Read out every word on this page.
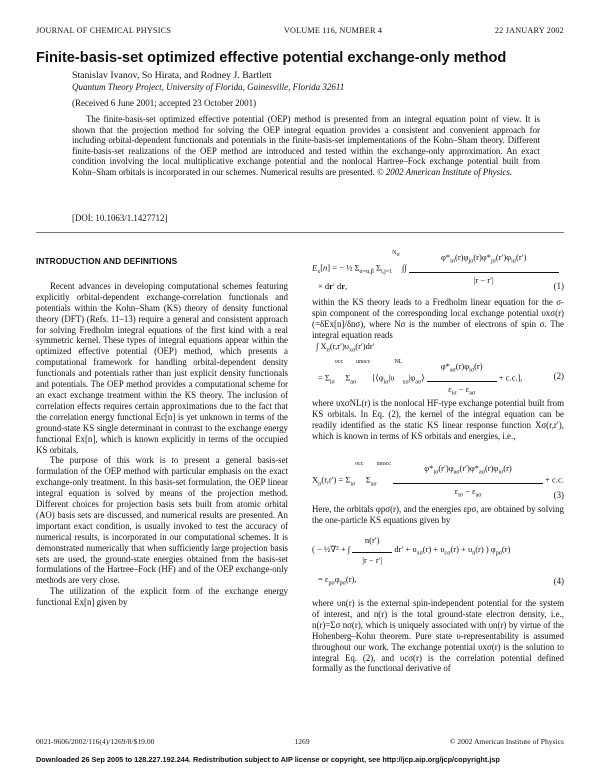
JOURNAL OF CHEMICAL PHYSICS	VOLUME 116, NUMBER 4	22 JANUARY 2002
Finite-basis-set optimized effective potential exchange-only method
Stanislav Ivanov, So Hirata, and Rodney J. Bartlett
Quantum Theory Project, University of Florida, Gainesville, Florida 32611
(Received 6 June 2001; accepted 23 October 2001)
The finite-basis-set optimized effective potential (OEP) method is presented from an integral equation point of view. It is shown that the projection method for solving the OEP integral equation provides a consistent and convenient approach for including orbital-dependent functionals and potentials in the finite-basis-set implementations of the Kohn–Sham theory. Different finite-basis-set realizations of the OEP method are introduced and tested within the exchange-only approximation. An exact condition involving the local multiplicative exchange potential and the nonlocal Hartree–Fock exchange potential built from Kohn–Sham orbitals is incorporated in our schemes. Numerical results are presented. © 2002 American Institute of Physics.
[DOI: 10.1063/1.1427712]
INTRODUCTION AND DEFINITIONS

Recent advances in developing computational schemes featuring explicitly orbital-dependent exchange-correlation functionals and potentials within the Kohn–Sham (KS) theory of density functional theory (DFT) (Refs. 11–13) require a general and consistent approach for solving Fredholm integral equations of the first kind with a real symmetric kernel. These types of integral equations appear within the optimized effective potential (OEP) method, which presents a computational framework for handling orbital-dependent density functionals and potentials rather than just explicit density functionals and potentials. The OEP method provides a computational scheme for an exact exchange treatment within the KS theory. The inclusion of correlation effects requires certain approximations due to the fact that the correlation energy functional Ec[n] is yet unknown in terms of the ground-state KS single determinant in contrast to the exchange energy functional Ex[n], which is known explicitly in terms of the occupied KS orbitals.

The purpose of this work is to present a general basis-set formulation of the OEP method with particular emphasis on the exact exchange-only treatment. In this basis-set formulation, the OEP linear integral equation is solved by means of the projection method. Different choices for projection basis sets built from atomic orbital (AO) basis sets are discussed, and numerical results are presented. An important exact condition, is usually invoked to test the accuracy of numerical results, is incorporated in our computational schemes. It is demonstrated numerically that when sufficiently large projection basis sets are used, the ground-state energies obtained from the basis-set formulations of the Hartree–Fock (HF) and of the OEP exchange-only methods are very close.

The utilization of the explicit form of the exchange energy functional Ex[n] given by

$E_x[n]$ = − ½ $\Sigma_{\sigma=\alpha,\beta}$ $\Sigma_{i,j=1}^{N_\sigma}$ ∫∫
$\varphi*_{i\sigma}(r)\varphi_{j\sigma}(r)\varphi*_{j\sigma}(r')\varphi_{i\sigma}(r')$
|r − r′|
× dr′ dr,	(1)
within the KS theory leads to a Fredholm linear equation for the σ-spin component of the corresponding local exchange potential υxσ(r) (=δEx[n]/δnσ), where Nσ is the number of electrons of spin σ. The integral equation reads
∫ $X_\sigma(r,r')\upsilon_{x\sigma}(r')dr'$
= $\Sigma_{i\sigma}^{occ}$ $\Sigma_{a\sigma}^{unocc}$ [$⟨\varphi_{i\sigma}|\upsilon^{NL}_{x\sigma}|\varphi_{a\sigma}⟩$
$\varphi*_{a\sigma}(r)\varphi_{i\sigma}(r)$
$\varepsilon_{i\sigma} - \varepsilon_{a\sigma}$
+ c.c.],	(2)
where υxσNL(r) is the nonlocal HF-type exchange potential built from KS orbitals. In Eq. (2), the kernel of the integral equation can be readily identified as the static KS linear response function Xσ(r,r′), which is known in terms of KS orbitals and energies, i.e.,
$X_\sigma(r,r') = \Sigma_{i\sigma}^{occ}$ $\Sigma_{a\sigma}^{unocc}$	$\varphi*_{i\sigma}(r')\varphi_{a\sigma}(r')\varphi*_{a\sigma}(r)\varphi_{i\sigma}(r)$
$\varepsilon_{i\sigma} - \varepsilon_{a\sigma}$
+ c.c.
(3)
Here, the orbitals φpσ(r), and the energies εpσ, are obtained by solving the one-particle KS equations given by
( − ½∇² + ∫ $\frac{n(r')}{|r - r'|} dr' + \upsilon_{x\sigma}(r) + \upsilon_{c\sigma}(r) + \upsilon_n(r)$ ) $\varphi_{p\sigma}(r)$
= $\varepsilon_{p\sigma}\varphi_{p\sigma}(r)$,	(4)
where υn(r) is the external spin-independent potential for the system of interest, and n(r) is the total ground-state electron density, i.e., n(r)=Σσ nσ(r), which is uniquely associated with υn(r) by virtue of the Hohenberg–Kohn theorem. Pure state υ-representability is assumed throughout our work. The exchange potential υxσ(r) is the solution to integral Eq. (2), and υcσ(r) is the correlation potential defined formally as the functional derivative of
0021-9606/2002/116(4)/1269/8/$19.00	1269	© 2002 American Institute of Physics
Downloaded 26 Sep 2005 to 128.227.192.244. Redistribution subject to AIP license or copyright, see http://jcp.aip.org/jcp/copyright.jsp
